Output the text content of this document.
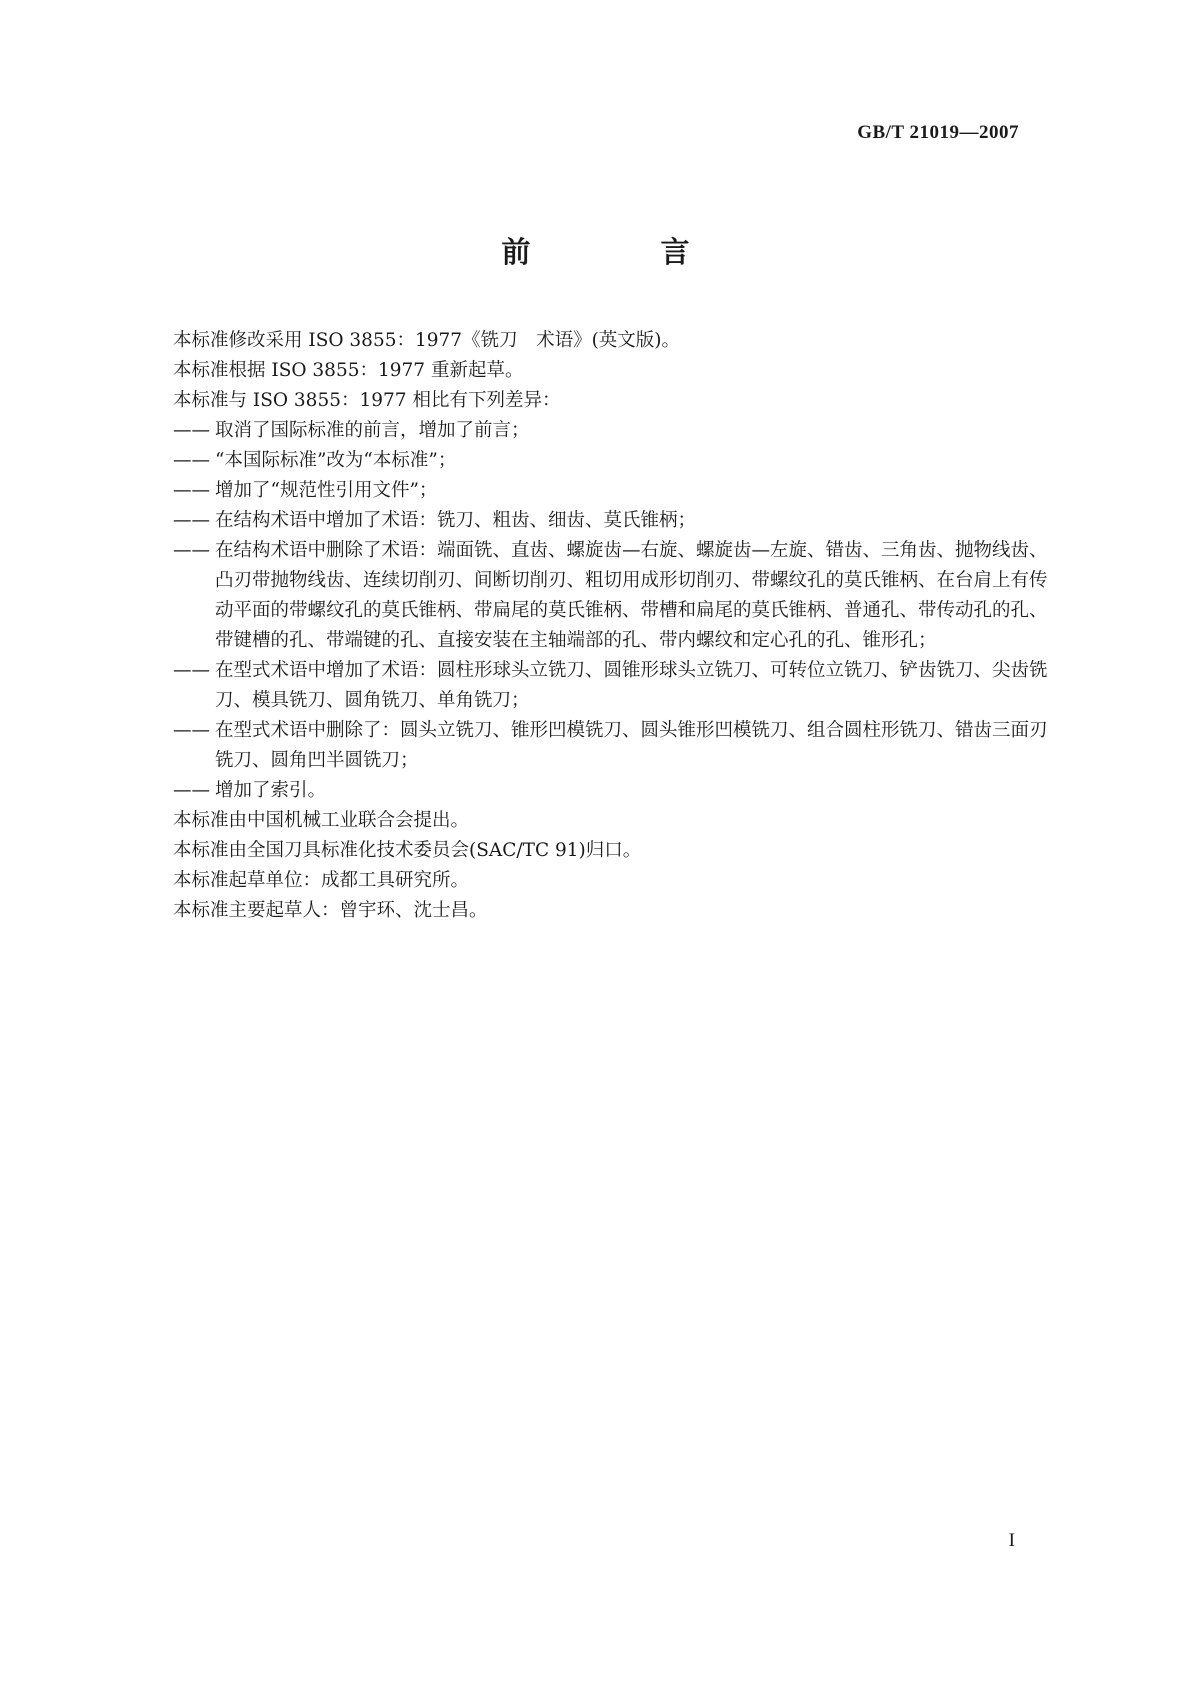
GB/T 21019—2007
前 言

本标准修改采用 ISO 3855：1977《铣刀　术语》(英文版)。

本标准根据 ISO 3855：1977 重新起草。

本标准与 ISO 3855：1977 相比有下列差异：

—— 取消了国际标准的前言，增加了前言；

—— “本国际标准”改为“本标准”；

—— 增加了“规范性引用文件”；

—— 在结构术语中增加了术语：铣刀、粗齿、细齿、莫氏锥柄；

—— 在结构术语中删除了术语：端面铣、直齿、螺旋齿—右旋、螺旋齿—左旋、错齿、三角齿、抛物线齿、凸刃带抛物线齿、连续切削刃、间断切削刃、粗切用成形切削刃、带螺纹孔的莫氏锥柄、在台肩上有传动平面的带螺纹孔的莫氏锥柄、带扁尾的莫氏锥柄、带槽和扁尾的莫氏锥柄、普通孔、带传动孔的孔、带键槽的孔、带端键的孔、直接安装在主轴端部的孔、带内螺纹和定心孔的孔、锥形孔；

—— 在型式术语中增加了术语：圆柱形球头立铣刀、圆锥形球头立铣刀、可转位立铣刀、铲齿铣刀、尖齿铣刀、模具铣刀、圆角铣刀、单角铣刀；

—— 在型式术语中删除了：圆头立铣刀、锥形凹模铣刀、圆头锥形凹模铣刀、组合圆柱形铣刀、错齿三面刃铣刀、圆角凹半圆铣刀；

—— 增加了索引。

本标准由中国机械工业联合会提出。

本标准由全国刀具标准化技术委员会(SAC/TC 91)归口。

本标准起草单位：成都工具研究所。

本标准主要起草人：曾宇环、沈士昌。

I
